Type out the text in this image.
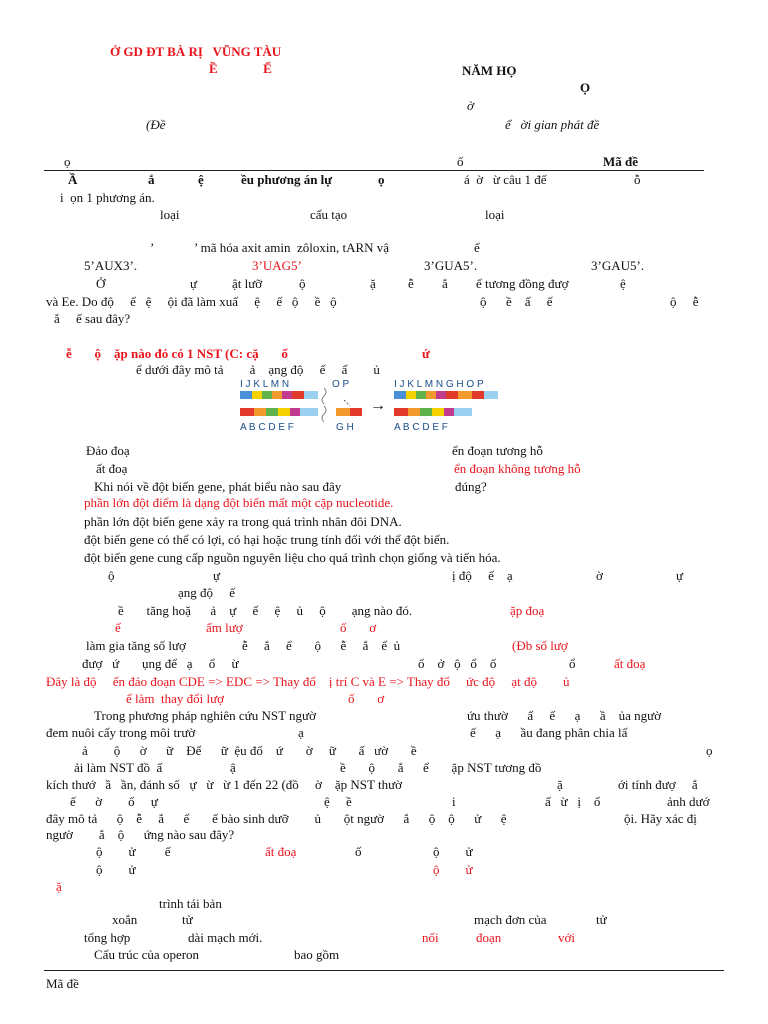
Ở GD ĐT BÀ RỊ   VŨNG TÀU
Ề              Ế	NĂM HỌ
Ọ
ờ
(Đề	ể   ời gian phát đề
ọ	ố	Mã đề
Ầ	ắ	ệ	ều phương án lự	ọ	á  ờ   ừ câu 1 đế	ỗ
i  ọn 1 phương án.
loại	cấu tạo	loại
’	’ mã hóa axit amin  zôloxin, tARN vậ	ế
5’AUX3’.	3’UAG5’	3’GUA5’.	3’GAU5’.
Ở	ự	ật lưỡ	ộ	ặ ễ ắ ế tương đồng đượ	ệ
và Ee. Do độ     ế   ệ     ội đã làm xuấ     ệ     ế   ộ     ề   ộ	ộ      ề    ấ     ế	ộ     ễ
ắ     ế sau đây?
ễ       ộ    ặp nào đó có 1 NST (C: cặ       ố	ứ
ể dưới đây mô tả        ả    ạng độ     ế     ấ        ủ
I J K L M N	O P
A B C D E F	G H
→
I J K L M N G H O P
A B C D E F
Đảo đoạ	ển đoạn tương hỗ
ất đoạ	ển đoạn không tương hỗ
Khi nói về đột biến gene, phát biểu nào sau đây	đúng?
phần lớn đột điểm là dạng đột biến mất một cặp nucleotide.
phần lớn đột biến gene xảy ra trong quá trình nhân đôi DNA.
đột biến gene có thể có lợi, có hại hoặc trung tính đối với thể đột biến.
đột biến gene cung cấp nguồn nguyên liệu cho quá trình chọn giống và tiến hóa.
ộ	ự	ị độ     ế    ạ	ờ	ự
ạng độ     ế
ề       tăng hoặ      ả    ự     ể     ệ     ủ     ộ        ạng nào đó.	ặp đoạ
ể	ấm lượ	ố       ơ
làm gia tăng số lượ	ễ     ắ     ể       ộ      ễ     ắ    ể  ủ	(Đb số lượ
đượ   ứ       ụng để   ạ     ổ     ừ	ố    ở   ộ   ổ    ố	ổ	ất đoạ
Đây là độ     ến đảo đoạn CDE => EDC => Thay đổ    ị trí C và E => Thay đổ     ức độ     ạt độ        ủ
ể làm  thay đổi lượ	ố       ơ
Trong phương pháp nghiên cứu NST ngườ	ứu thườ      ấ     ế      ạ      ầ    ủa ngườ
đem nuôi cấy trong môi trườ	ạ	ế      ạ      ầu đang phân chia lấ
ả        ộ      ờ      ữ    Để      ữ  ệu đố    ứ       ờ     ữ       ấ   ườ       ề	ọ
ải làm NST đồ  ấ	ậ	ề       ộ       ắ      ể       ặp NST tương đồ
kích thướ   ầ   ần, đánh số   ự   ừ   ừ 1 đến 22 (đồ     ờ    ặp NST thườ	ặ	ới tính đượ     ắ
ế      ờ        ố     ự	ệ     ề	i	ấ   ừ   ị    ố	ảnh dướ
đây mô tả      ộ    ễ     ắ      ể       ế bào sinh dưỡ        ủ       ột ngườ      ắ      ộ    ộ      ử      ệ	ội. Hãy xác đị
ngườ        ắ    ộ      ứng nào sau đây?
ộ        ử         ế	ất đoạ	ố	ộ        ử
ộ        ử	ộ        ử
ặ
trình tái bản
xoắn	tử	mạch đơn của	tử
tổng hợp	dài mạch mới.	nối	đoạn	với
Cấu trúc của operon	bao gồm
Mã đề
